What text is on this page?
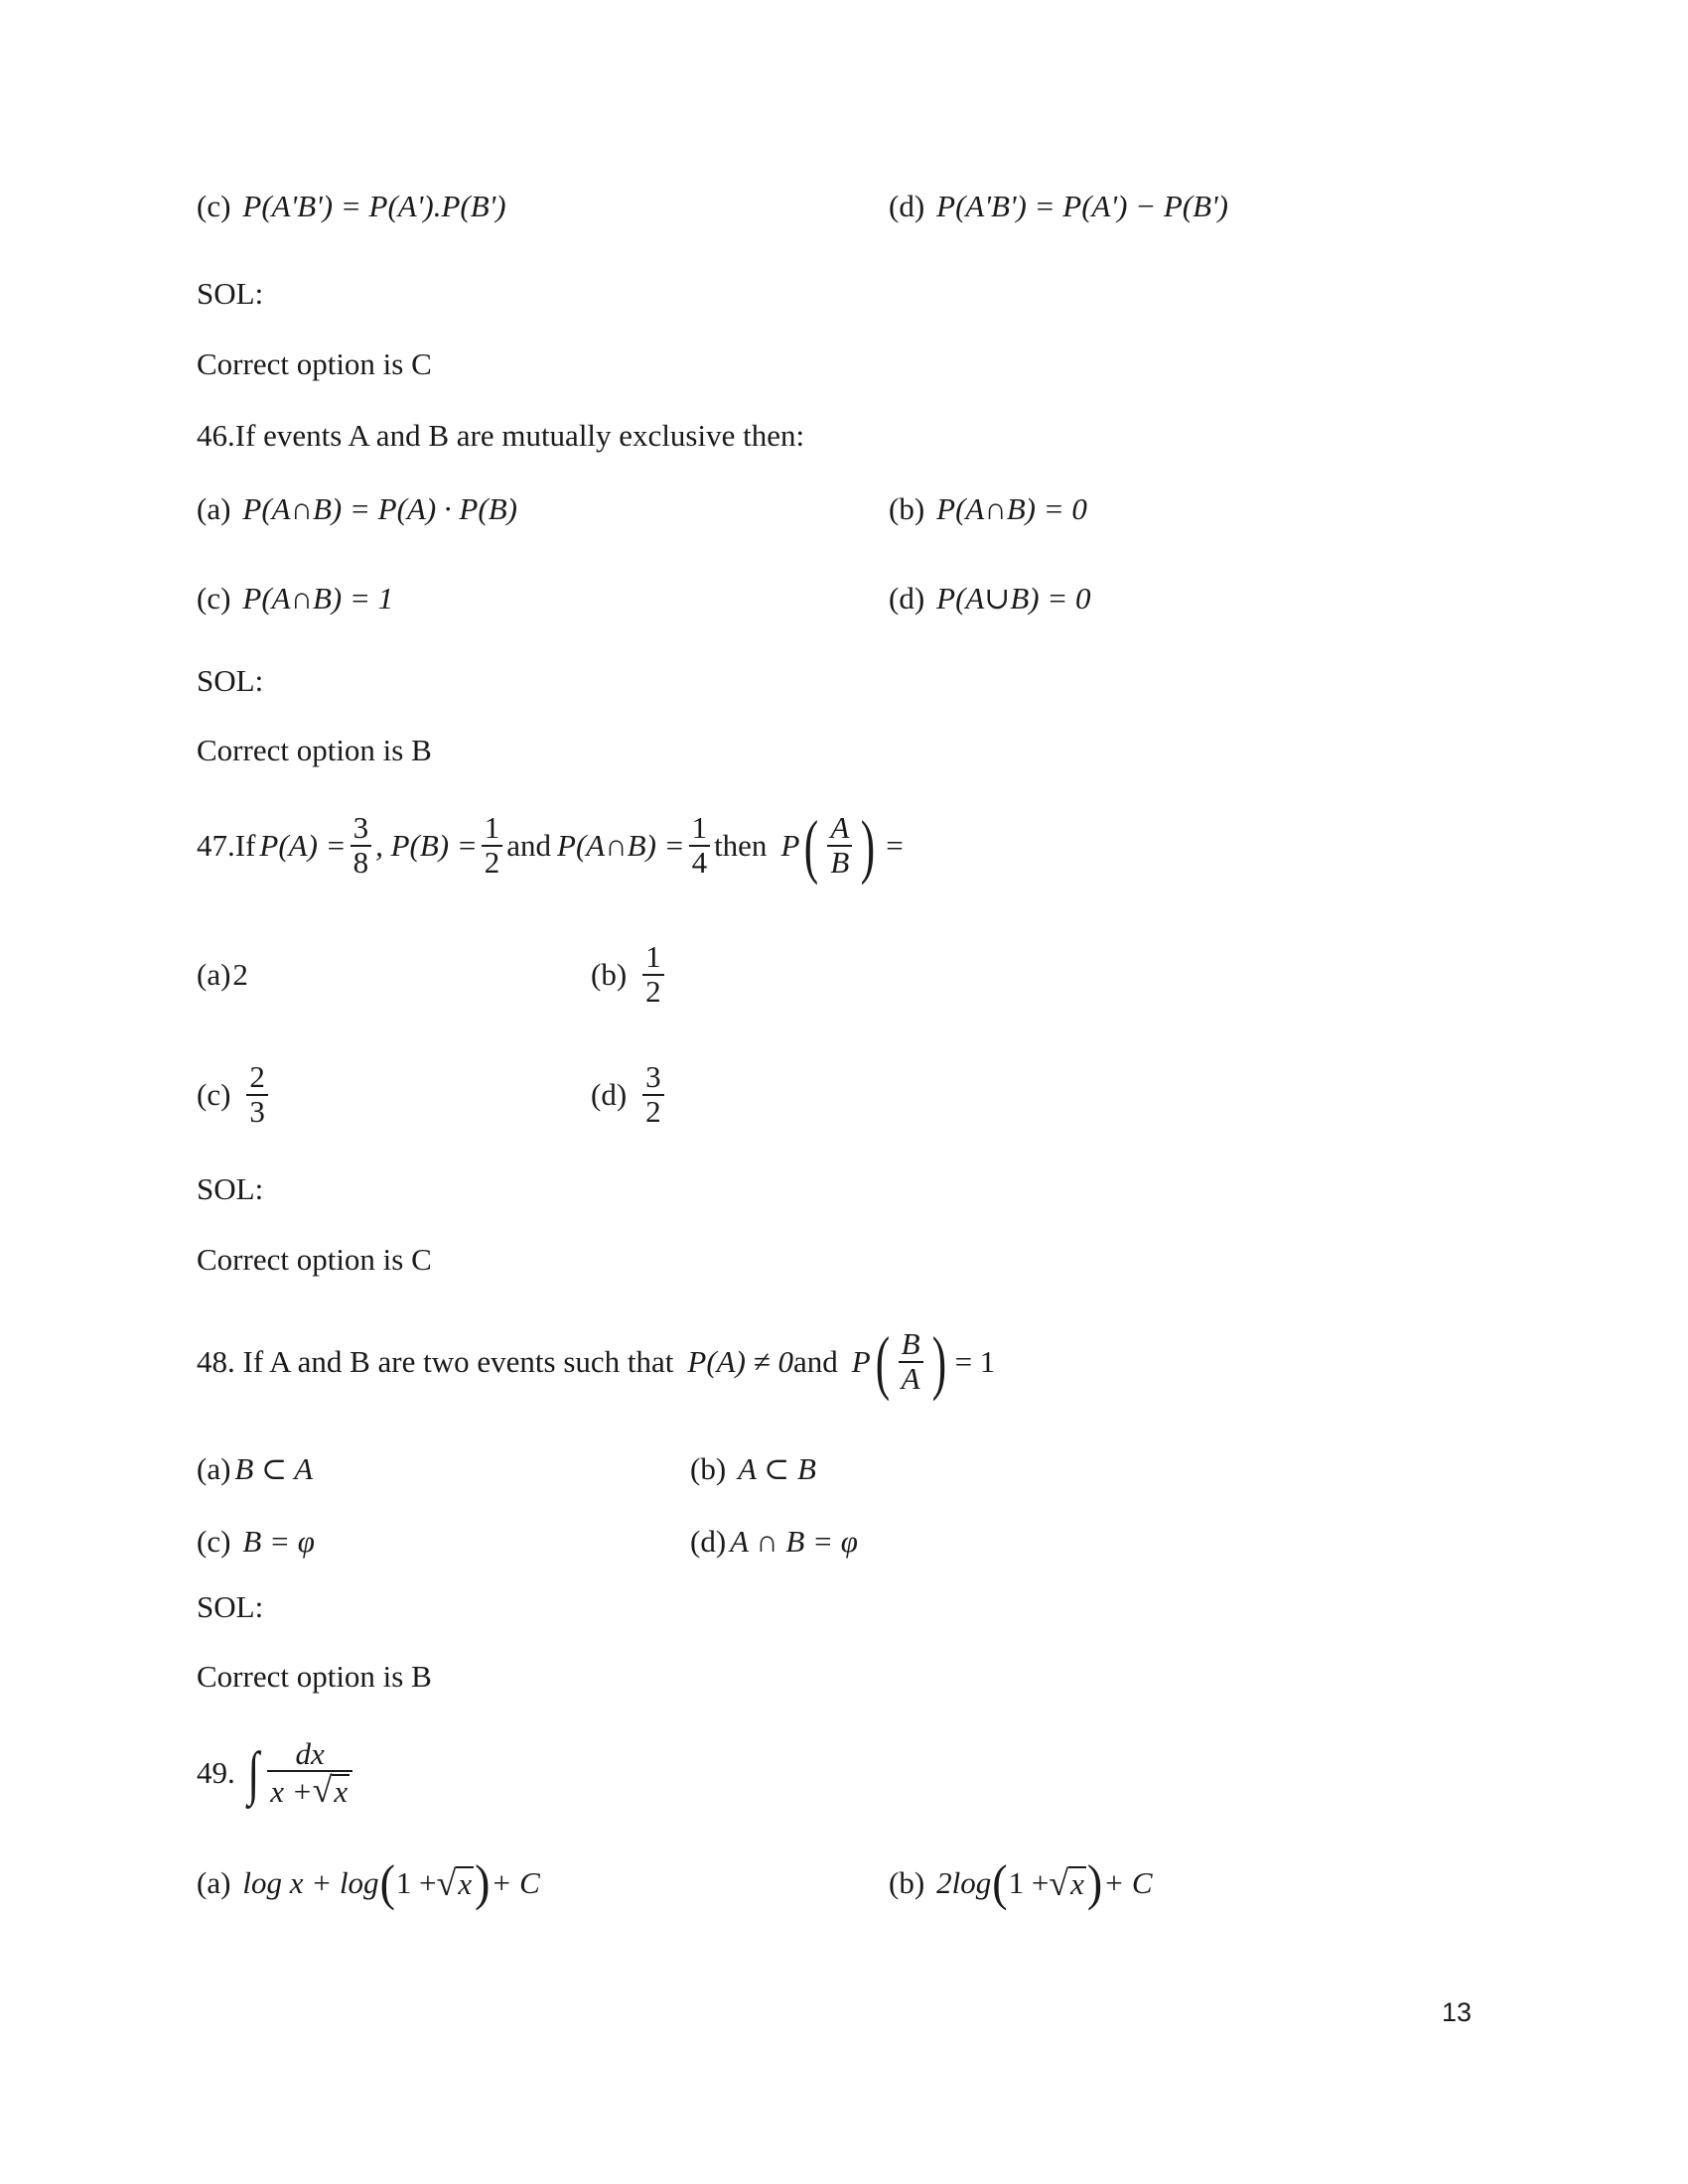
(c) P(A'B') = P(A').P(B')	(d) P(A'B') = P(A') − P(B')
SOL:
Correct option is C
46.If events A and B are mutually exclusive then:
(a) P(A∩B) = P(A) · P(B)	(b) P(A∩B) = 0
(c) P(A∩B) = 1	(d) P(A∪B) = 0
SOL:
Correct option is B
47.If $P(A) = \frac{3}{8}$ , $P(B) = \frac{1}{2}$ and P(A∩B) = $\frac{1}{4}$ then P ( $\frac{A}{B}$ ) =
(a) 2	$(b) \frac{1}{2}$
$(c) \frac{2}{3}$	$(d) \frac{3}{2}$
SOL:
Correct option is C
48. If A and B are two events such that P(A) ≠ 0 and P ( $\frac{B}{A}$ ) = 1
(a) B ⊂ A	(b) A ⊂ B
(c) B = φ	(d) A ∩ B = φ
SOL:
Correct option is B
49. ∫ $\frac{dx}{x + √ x}$
(a) log x + log ( 1 + √ x ) + C	(b) 2log ( 1 + √ x ) + C
13
